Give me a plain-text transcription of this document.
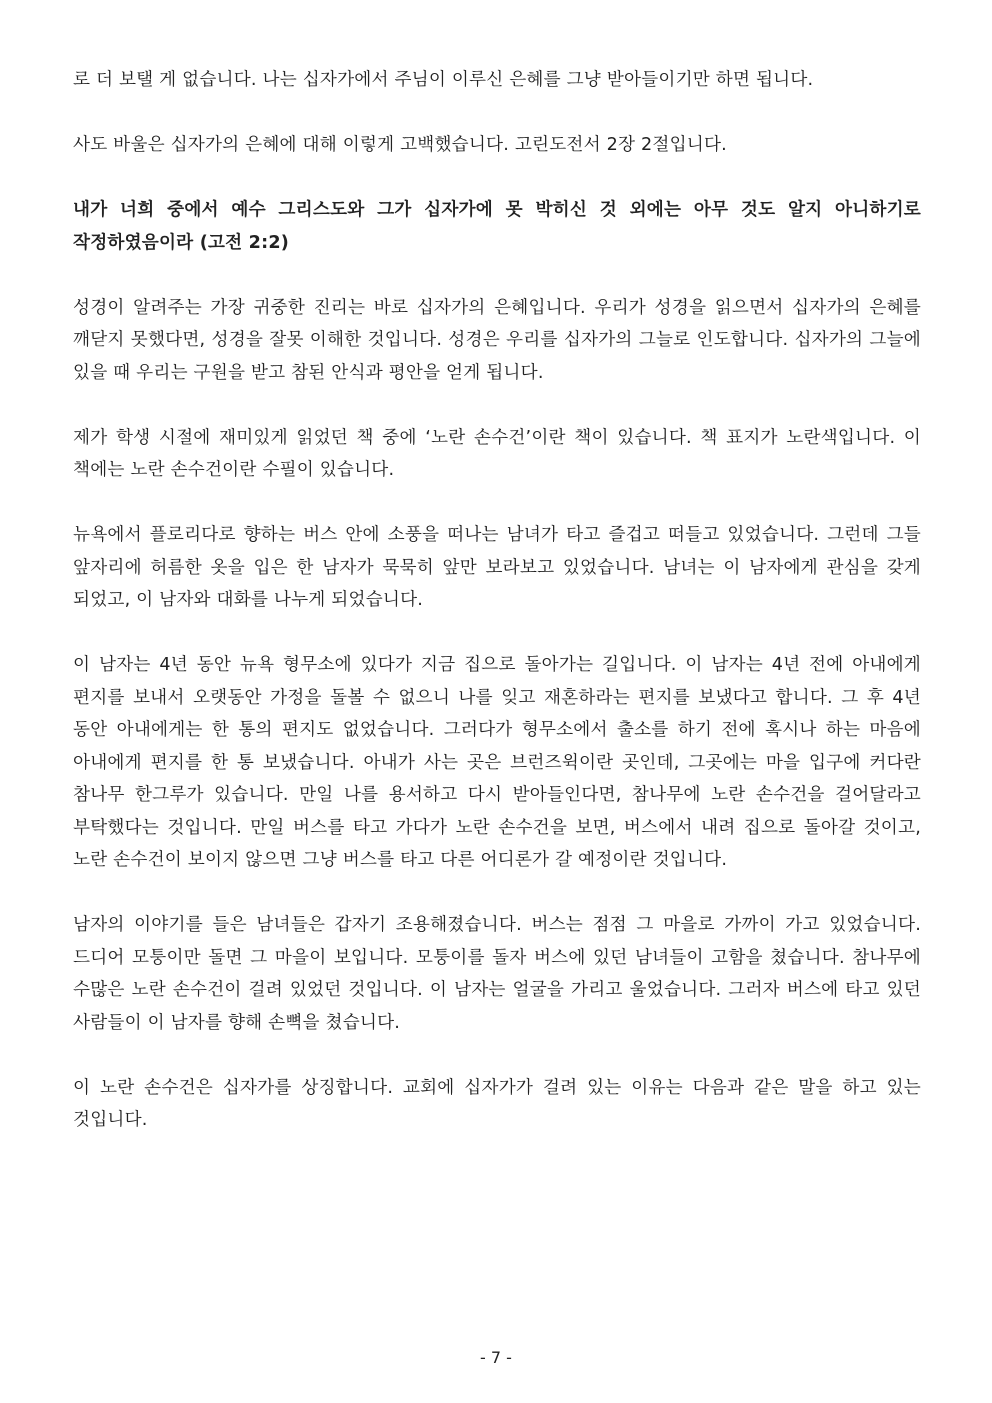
로 더 보탤 게 없습니다. 나는 십자가에서 주님이 이루신 은혜를 그냥 받아들이기만 하면 됩니다.

사도 바울은 십자가의 은혜에 대해 이렇게 고백했습니다. 고린도전서 2장 2절입니다.

내가 너희 중에서 예수 그리스도와 그가 십자가에 못 박히신 것 외에는 아무 것도 알지 아니하기로 작정하였음이라 (고전 2:2)

성경이 알려주는 가장 귀중한 진리는 바로 십자가의 은혜입니다. 우리가 성경을 읽으면서 십자가의 은혜를 깨닫지 못했다면, 성경을 잘못 이해한 것입니다. 성경은 우리를 십자가의 그늘로 인도합니다. 십자가의 그늘에 있을 때 우리는 구원을 받고 참된 안식과 평안을 얻게 됩니다.

제가 학생 시절에 재미있게 읽었던 책 중에 ‘노란 손수건’이란 책이 있습니다. 책 표지가 노란색입니다. 이 책에는 노란 손수건이란 수필이 있습니다.

뉴욕에서 플로리다로 향하는 버스 안에 소풍을 떠나는 남녀가 타고 즐겁고 떠들고 있었습니다. 그런데 그들 앞자리에 허름한 옷을 입은 한 남자가 묵묵히 앞만 보라보고 있었습니다. 남녀는 이 남자에게 관심을 갖게 되었고, 이 남자와 대화를 나누게 되었습니다.

이 남자는 4년 동안 뉴욕 형무소에 있다가 지금 집으로 돌아가는 길입니다. 이 남자는 4년 전에 아내에게 편지를 보내서 오랫동안 가정을 돌볼 수 없으니 나를 잊고 재혼하라는 편지를 보냈다고 합니다. 그 후 4년 동안 아내에게는 한 통의 편지도 없었습니다. 그러다가 형무소에서 출소를 하기 전에 혹시나 하는 마음에 아내에게 편지를 한 통 보냈습니다. 아내가 사는 곳은 브런즈윅이란 곳인데, 그곳에는 마을 입구에 커다란 참나무 한그루가 있습니다. 만일 나를 용서하고 다시 받아들인다면, 참나무에 노란 손수건을 걸어달라고 부탁했다는 것입니다. 만일 버스를 타고 가다가 노란 손수건을 보면, 버스에서 내려 집으로 돌아갈 것이고, 노란 손수건이 보이지 않으면 그냥 버스를 타고 다른 어디론가 갈 예정이란 것입니다.

남자의 이야기를 들은 남녀들은 갑자기 조용해졌습니다. 버스는 점점 그 마을로 가까이 가고 있었습니다. 드디어 모퉁이만 돌면 그 마을이 보입니다. 모퉁이를 돌자 버스에 있던 남녀들이 고함을 쳤습니다. 참나무에 수많은 노란 손수건이 걸려 있었던 것입니다. 이 남자는 얼굴을 가리고 울었습니다. 그러자 버스에 타고 있던 사람들이 이 남자를 향해 손뼉을 쳤습니다.

이 노란 손수건은 십자가를 상징합니다. 교회에 십자가가 걸려 있는 이유는 다음과 같은 말을 하고 있는 것입니다.

- 7 -
